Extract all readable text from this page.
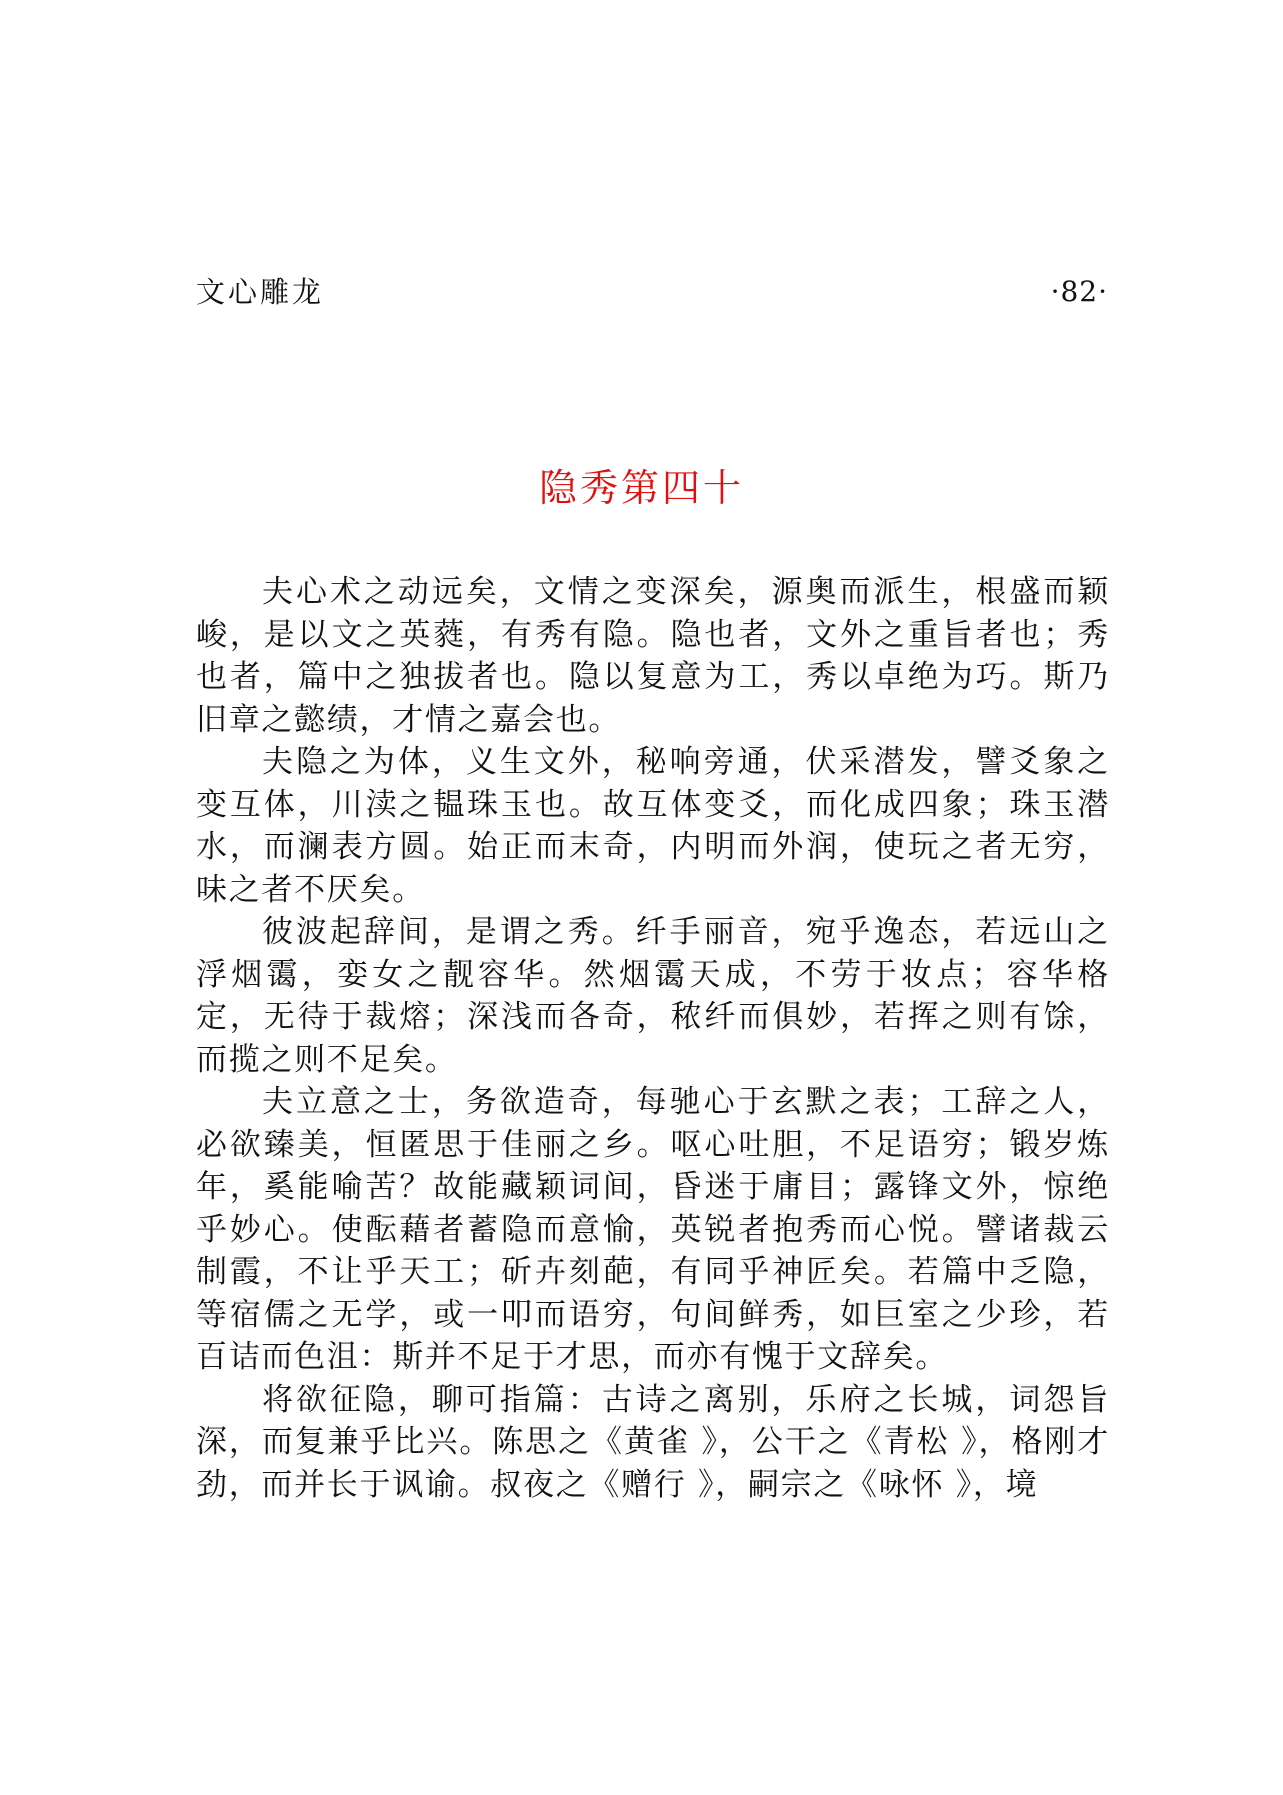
文心雕龙	·82·
隐秀第四十

夫心术之动远矣，文情之变深矣，源奥而派生，根盛而颖峻，是以文之英蕤，有秀有隐。隐也者，文外之重旨者也；秀也者，篇中之独拔者也。隐以复意为工，秀以卓绝为巧。斯乃旧章之懿绩，才情之嘉会也。

夫隐之为体，义生文外，秘响旁通，伏采潜发，譬爻象之变互体，川渎之韫珠玉也。故互体变爻，而化成四象；珠玉潜水，而澜表方圆。始正而末奇，内明而外润，使玩之者无穷，味之者不厌矣。

彼波起辞间，是谓之秀。纤手丽音，宛乎逸态，若远山之浮烟霭，娈女之靓容华。然烟霭天成，不劳于妆点；容华格定，无待于裁熔；深浅而各奇，秾纤而俱妙，若挥之则有馀，而揽之则不足矣。

夫立意之士，务欲造奇，每驰心于玄默之表；工辞之人，必欲臻美，恒匿思于佳丽之乡。呕心吐胆，不足语穷；锻岁炼年，奚能喻苦？故能藏颖词间，昏迷于庸目；露锋文外，惊绝乎妙心。使酝藉者蓄隐而意愉，英锐者抱秀而心悦。譬诸裁云制霞，不让乎天工；斫卉刻葩，有同乎神匠矣。若篇中乏隐，等宿儒之无学，或一叩而语穷，句间鲜秀，如巨室之少珍，若百诘而色沮：斯并不足于才思，而亦有愧于文辞矣。

将欲征隐，聊可指篇：古诗之离别，乐府之长城，词怨旨深，而复兼乎比兴。陈思之《黄雀 》，公干之《青松 》，格刚才劲，而并长于讽谕。叔夜之《赠行 》，嗣宗之《咏怀 》，境
